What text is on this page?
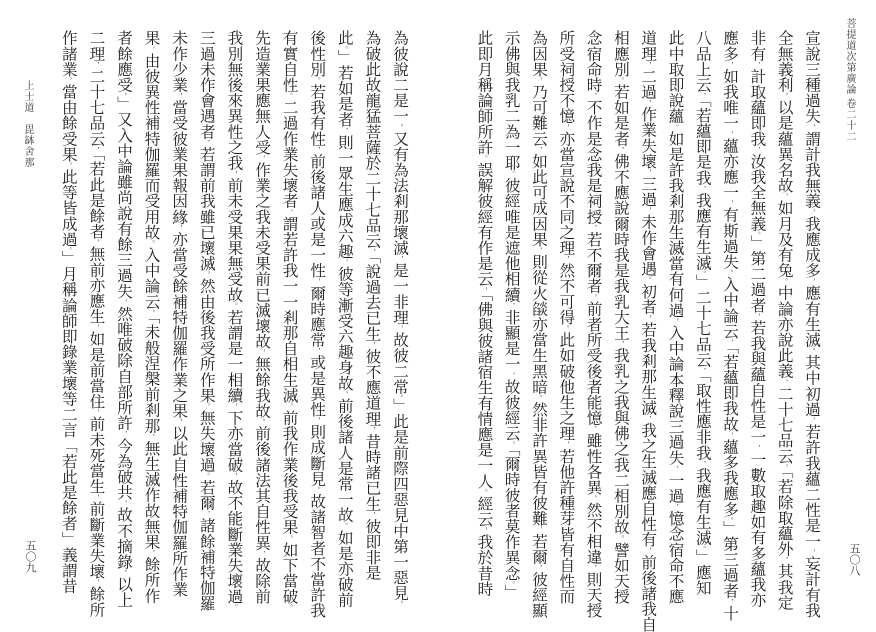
菩提道次第廣論
卷二十二
五〇八
宣說三種過失，謂計我無義，我應成多，應有生滅。其中初過，若許我蘊二性是一，妄計有我
全無義利，以是蘊異名故，如月及有兔。中論亦說此義，二十七品云，「若除取蘊外，其我定
非有，計取蘊即我，汝我全無義。」第二過者，若我與蘊自性是一，一數取趣如有多蘊我亦
應多，如我唯一，蘊亦應一，有斯過失。入中論云，「若蘊即我故，蘊多我應多。」第三過者，十
八品上云，「若蘊即是我，我應有生滅。」二十七品云，「取性應非我，我應有生滅。」應知
此中取即說蘊。如是許我剎那生滅當有何過，入中論本釋說三過失，一過，憶念宿命不應
道理，二過，作業失壞，三過，未作會遇。初者，若我剎那生滅，我之生滅應自性有，前後諸我自
相應別。若如是者，佛不應說爾時我是我乳大王，我乳之我與佛之我二相別故。譬如天授
念宿命時，不作是念我是祠授，若不爾者，前者所受後者能憶，雖性各異，然不相違，則天授
所受祠授不憶，亦當宣說不同之理，然不可得。此如破他生之理，若他許種芽皆有自性而
為因果，乃可難云，如此可成因果，則從火燄亦當生黑暗。然非許異皆有彼難，若爾，彼經顯
示佛與我乳二為一耶。彼經唯是遮他相續，非顯是一，故彼經云，「爾時彼者莫作異念。」
此即月稱論師所許。誤解彼經有作是云，「佛與彼諸宿生有情應是一人。經云，我於昔時
上士道　毘缽舍那
五〇九
為彼說二是一。又有為法剎那壞滅，是一非理，故彼二常。」此是前際四惡見中第一惡見。
為破此故龍猛菩薩於二十七品云，「說過去已生，彼不應道理，昔時諸已生，彼即非是
此。」若如是者，則一眾生應成六趣，彼等漸受六趣身故，前後諸人是常一故。如是亦破前
後性別。若我有性，前後諸人或是一性，爾時應常，或是異性，則成斷見。故諸智者不當許我
有實自性。二過作業失壞者，謂若許我一一剎那自相生滅，前我作業後我受果，如下當破。
先造業果應無人受，作業之我未受果前已滅壞故，無餘我故。前後諸法其自性異，故除前
我別無後來異性之我，前未受果果無受故。若謂是一相續，下亦當破，故不能斷業失壞過。
三過未作會遇者，若謂前我雖已壞滅，然由後我受所作果，無失壞過。若爾，諸餘補特伽羅
未作少業，當受彼業果報因緣，亦當受餘補特伽羅作業之果，以此自性補特伽羅所作業
果，由彼異性補特伽羅而受用故。入中論云，「未般涅槃前剎那，無生滅作故無果，餘所作
者餘應受。」又入中論雖尚說有餘三過失，然唯破除自部所許，今為破共，故不摘錄。以上
二理，二十七品云，「若此是餘者，無前亦應生，如是前當住，前未死當生，前斷業失壞，餘所
作諸業，當由餘受果，此等皆成過。」月稱論師即錄業壞等二言「若此是餘者」義謂昔
